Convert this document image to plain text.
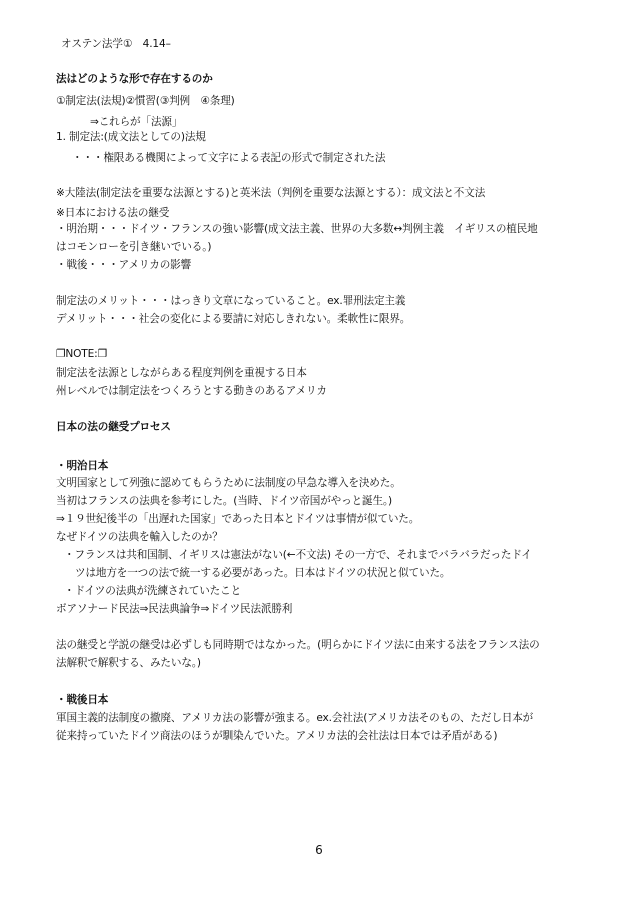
オステン法学①　4.14–

法はどのような形で存在するのか

①制定法(法規)②慣習(③判例　④条理)

⇒これらが「法源」

1. 制定法:(成文法としての)法規

・・・権限ある機関によって文字による表記の形式で制定された法

※大陸法(制定法を重要な法源とする)と英米法（判例を重要な法源とする）：成文法と不文法

※日本における法の継受

・明治期・・・ドイツ・フランスの強い影響(成文法主義、世界の大多数↔判例主義　イギリスの植民地

はコモンローを引き継いでいる。)

・戦後・・・アメリカの影響

制定法のメリット・・・はっきり文章になっていること。ex.罪刑法定主義

デメリット・・・社会の変化による要請に対応しきれない。柔軟性に限界。

❐NOTE:❐

制定法を法源としながらある程度判例を重視する日本

州レベルでは制定法をつくろうとする動きのあるアメリカ

日本の法の継受プロセス

・明治日本

文明国家として列強に認めてもらうために法制度の早急な導入を決めた。

当初はフランスの法典を参考にした。(当時、ドイツ帝国がやっと誕生。)

⇒１９世紀後半の「出遅れた国家」であった日本とドイツは事情が似ていた。

なぜドイツの法典を輸入したのか？

・フランスは共和国制、イギリスは憲法がない(←不文法) その一方で、それまでバラバラだったドイ

ツは地方を一つの法で統一する必要があった。日本はドイツの状況と似ていた。

・ドイツの法典が洗練されていたこと

ボアソナード民法⇒民法典論争⇒ドイツ民法派勝利

法の継受と学説の継受は必ずしも同時期ではなかった。(明らかにドイツ法に由来する法をフランス法の

法解釈で解釈する、みたいな。)

・戦後日本

軍国主義的法制度の撤廃、アメリカ法の影響が強まる。ex.会社法(アメリカ法そのもの、ただし日本が

従来持っていたドイツ商法のほうが馴染んでいた。アメリカ法的会社法は日本では矛盾がある)

6
